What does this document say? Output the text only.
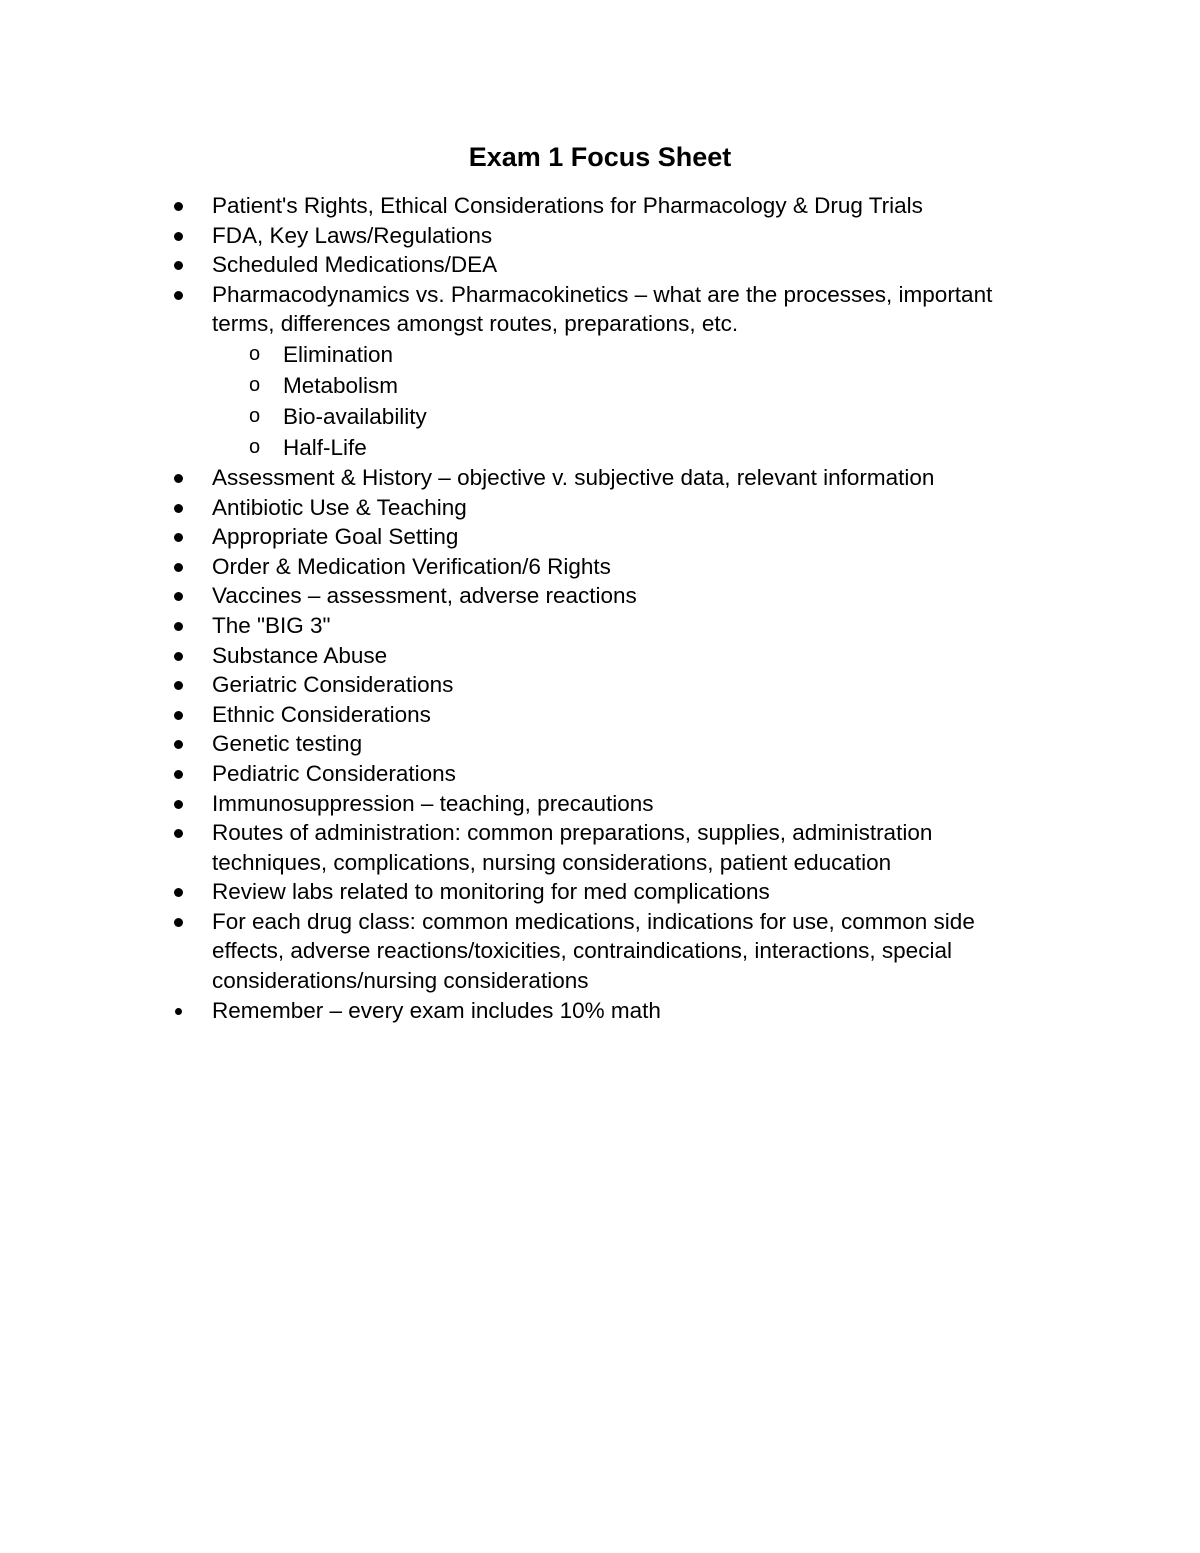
Exam 1 Focus Sheet
Patient's Rights, Ethical Considerations for Pharmacology & Drug Trials
FDA, Key Laws/Regulations
Scheduled Medications/DEA
Pharmacodynamics vs. Pharmacokinetics – what are the processes, important terms, differences amongst routes, preparations, etc.
o Elimination
o Metabolism
o Bio-availability
o Half-Life
Assessment & History – objective v. subjective data, relevant information
Antibiotic Use & Teaching
Appropriate Goal Setting
Order & Medication Verification/6 Rights
Vaccines – assessment, adverse reactions
The "BIG 3"
Substance Abuse
Geriatric Considerations
Ethnic Considerations
Genetic testing
Pediatric Considerations
Immunosuppression – teaching, precautions
Routes of administration: common preparations, supplies, administration techniques, complications, nursing considerations, patient education
Review labs related to monitoring for med complications
For each drug class: common medications, indications for use, common side effects, adverse reactions/toxicities, contraindications, interactions, special considerations/nursing considerations
Remember – every exam includes 10% math
